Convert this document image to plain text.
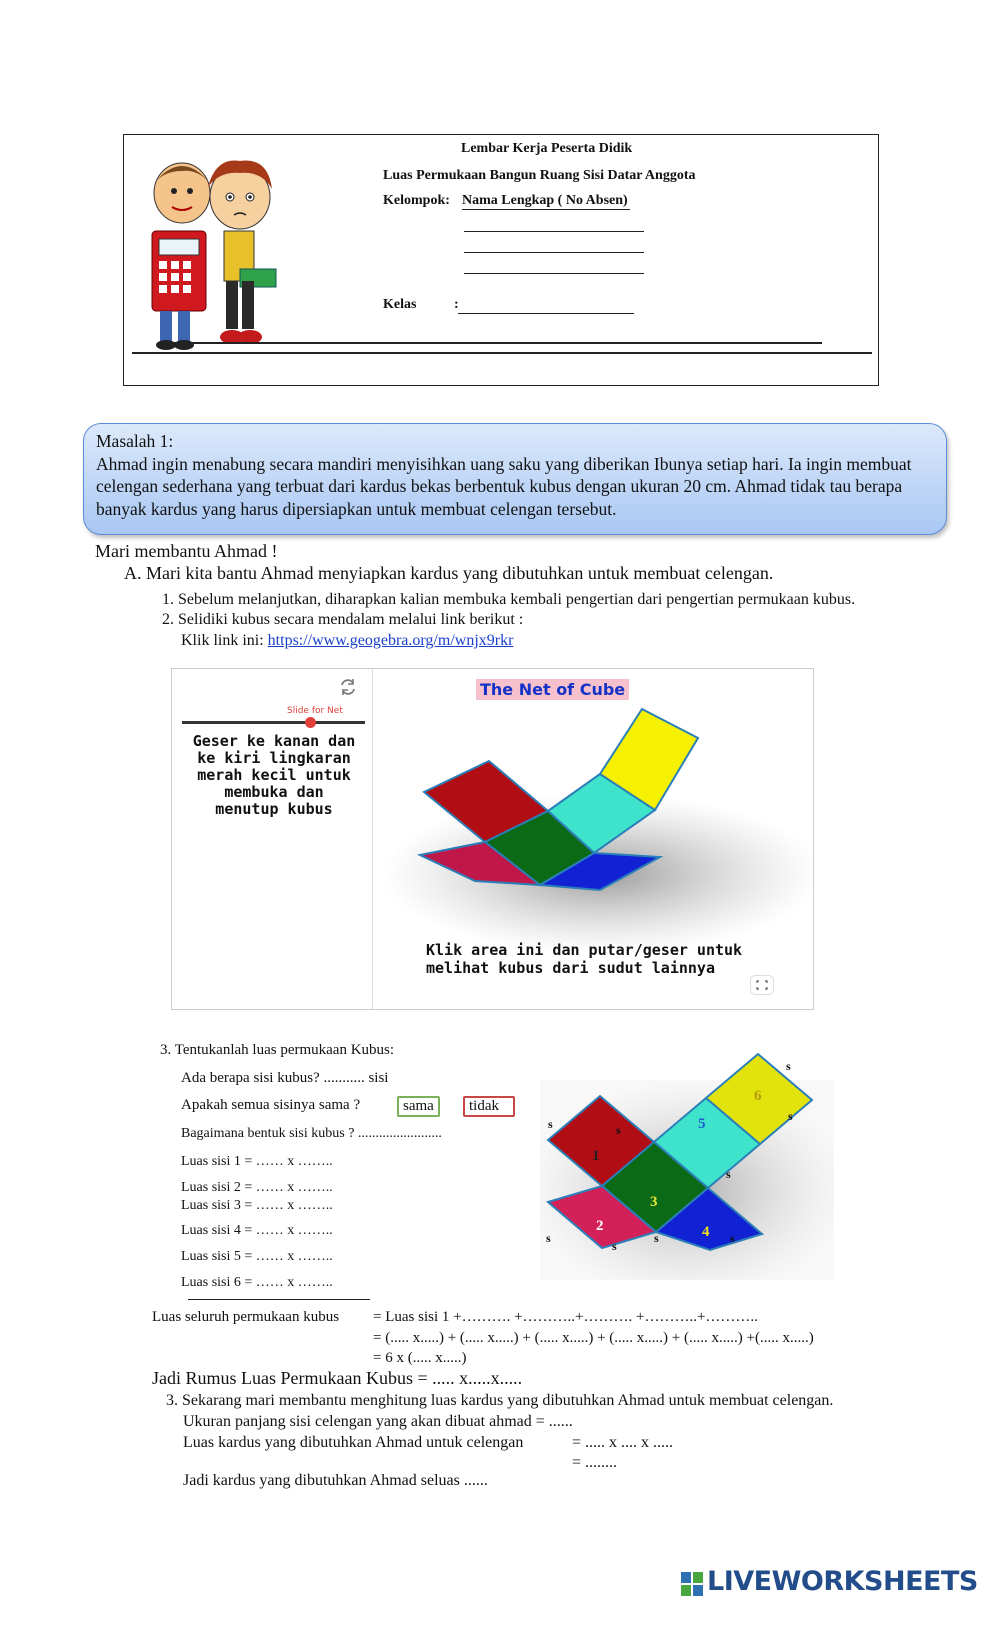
Lembar Kerja Peserta Didik
Luas Permukaan Bangun Ruang Sisi Datar Anggota
Kelompok: Nama Lengkap ( No Absen)
Kelas	:
Masalah 1:
Ahmad ingin menabung secara mandiri menyisihkan uang saku yang diberikan Ibunya setiap hari. Ia ingin membuat celengan sederhana yang terbuat dari kardus bekas berbentuk kubus dengan ukuran 20 cm. Ahmad tidak tau berapa banyak kardus yang harus dipersiapkan untuk membuat celengan tersebut.
Mari membantu Ahmad !
A. Mari kita bantu Ahmad menyiapkan kardus yang dibutuhkan untuk membuat celengan.
1. Sebelum melanjutkan, diharapkan kalian membuka kembali pengertian dari pengertian permukaan kubus.
2. Selidiki kubus secara mendalam melalui link berikut :
Klik link ini: https://www.geogebra.org/m/wnjx9rkr
Slide for Net
Geser ke kanan dan
ke kiri lingkaran
merah kecil untuk
membuka dan
menutup kubus
The Net of Cube
Klik area ini dan putar/geser untuk
melihat kubus dari sudut lainnya
3. Tentukanlah luas permukaan Kubus:
Ada berapa sisi kubus? ........... sisi
Apakah semua sisinya sama ?	sama	tidak
Bagaimana bentuk sisi kubus ? ........................
Luas sisi 1 = …… x ……..
Luas sisi 2 = …… x ……..
Luas sisi 3 = …… x ……..
Luas sisi 4 = …… x ……..
Luas sisi 5 = …… x ……..
Luas sisi 6 = …… x ……..
1
5
6
3
2	4
s	s
s
s
s
s
s
s	s
Luas seluruh permukaan kubus = Luas sisi 1 +………. +………..+………. +………..+………..
= (..... x.....) + (..... x.....) + (..... x.....) + (..... x.....) + (..... x.....) +(..... x.....)
= 6 x (..... x.....)
Jadi Rumus Luas Permukaan Kubus = ..... x.....x.....
3. Sekarang mari membantu menghitung luas kardus yang dibutuhkan Ahmad untuk membuat celengan.
Ukuran panjang sisi celengan yang akan dibuat ahmad = ......
Luas kardus yang dibutuhkan Ahmad untuk celengan	= ..... x .... x .....
= ........
Jadi kardus yang dibutuhkan Ahmad seluas ......
LIVEWORKSHEETS
